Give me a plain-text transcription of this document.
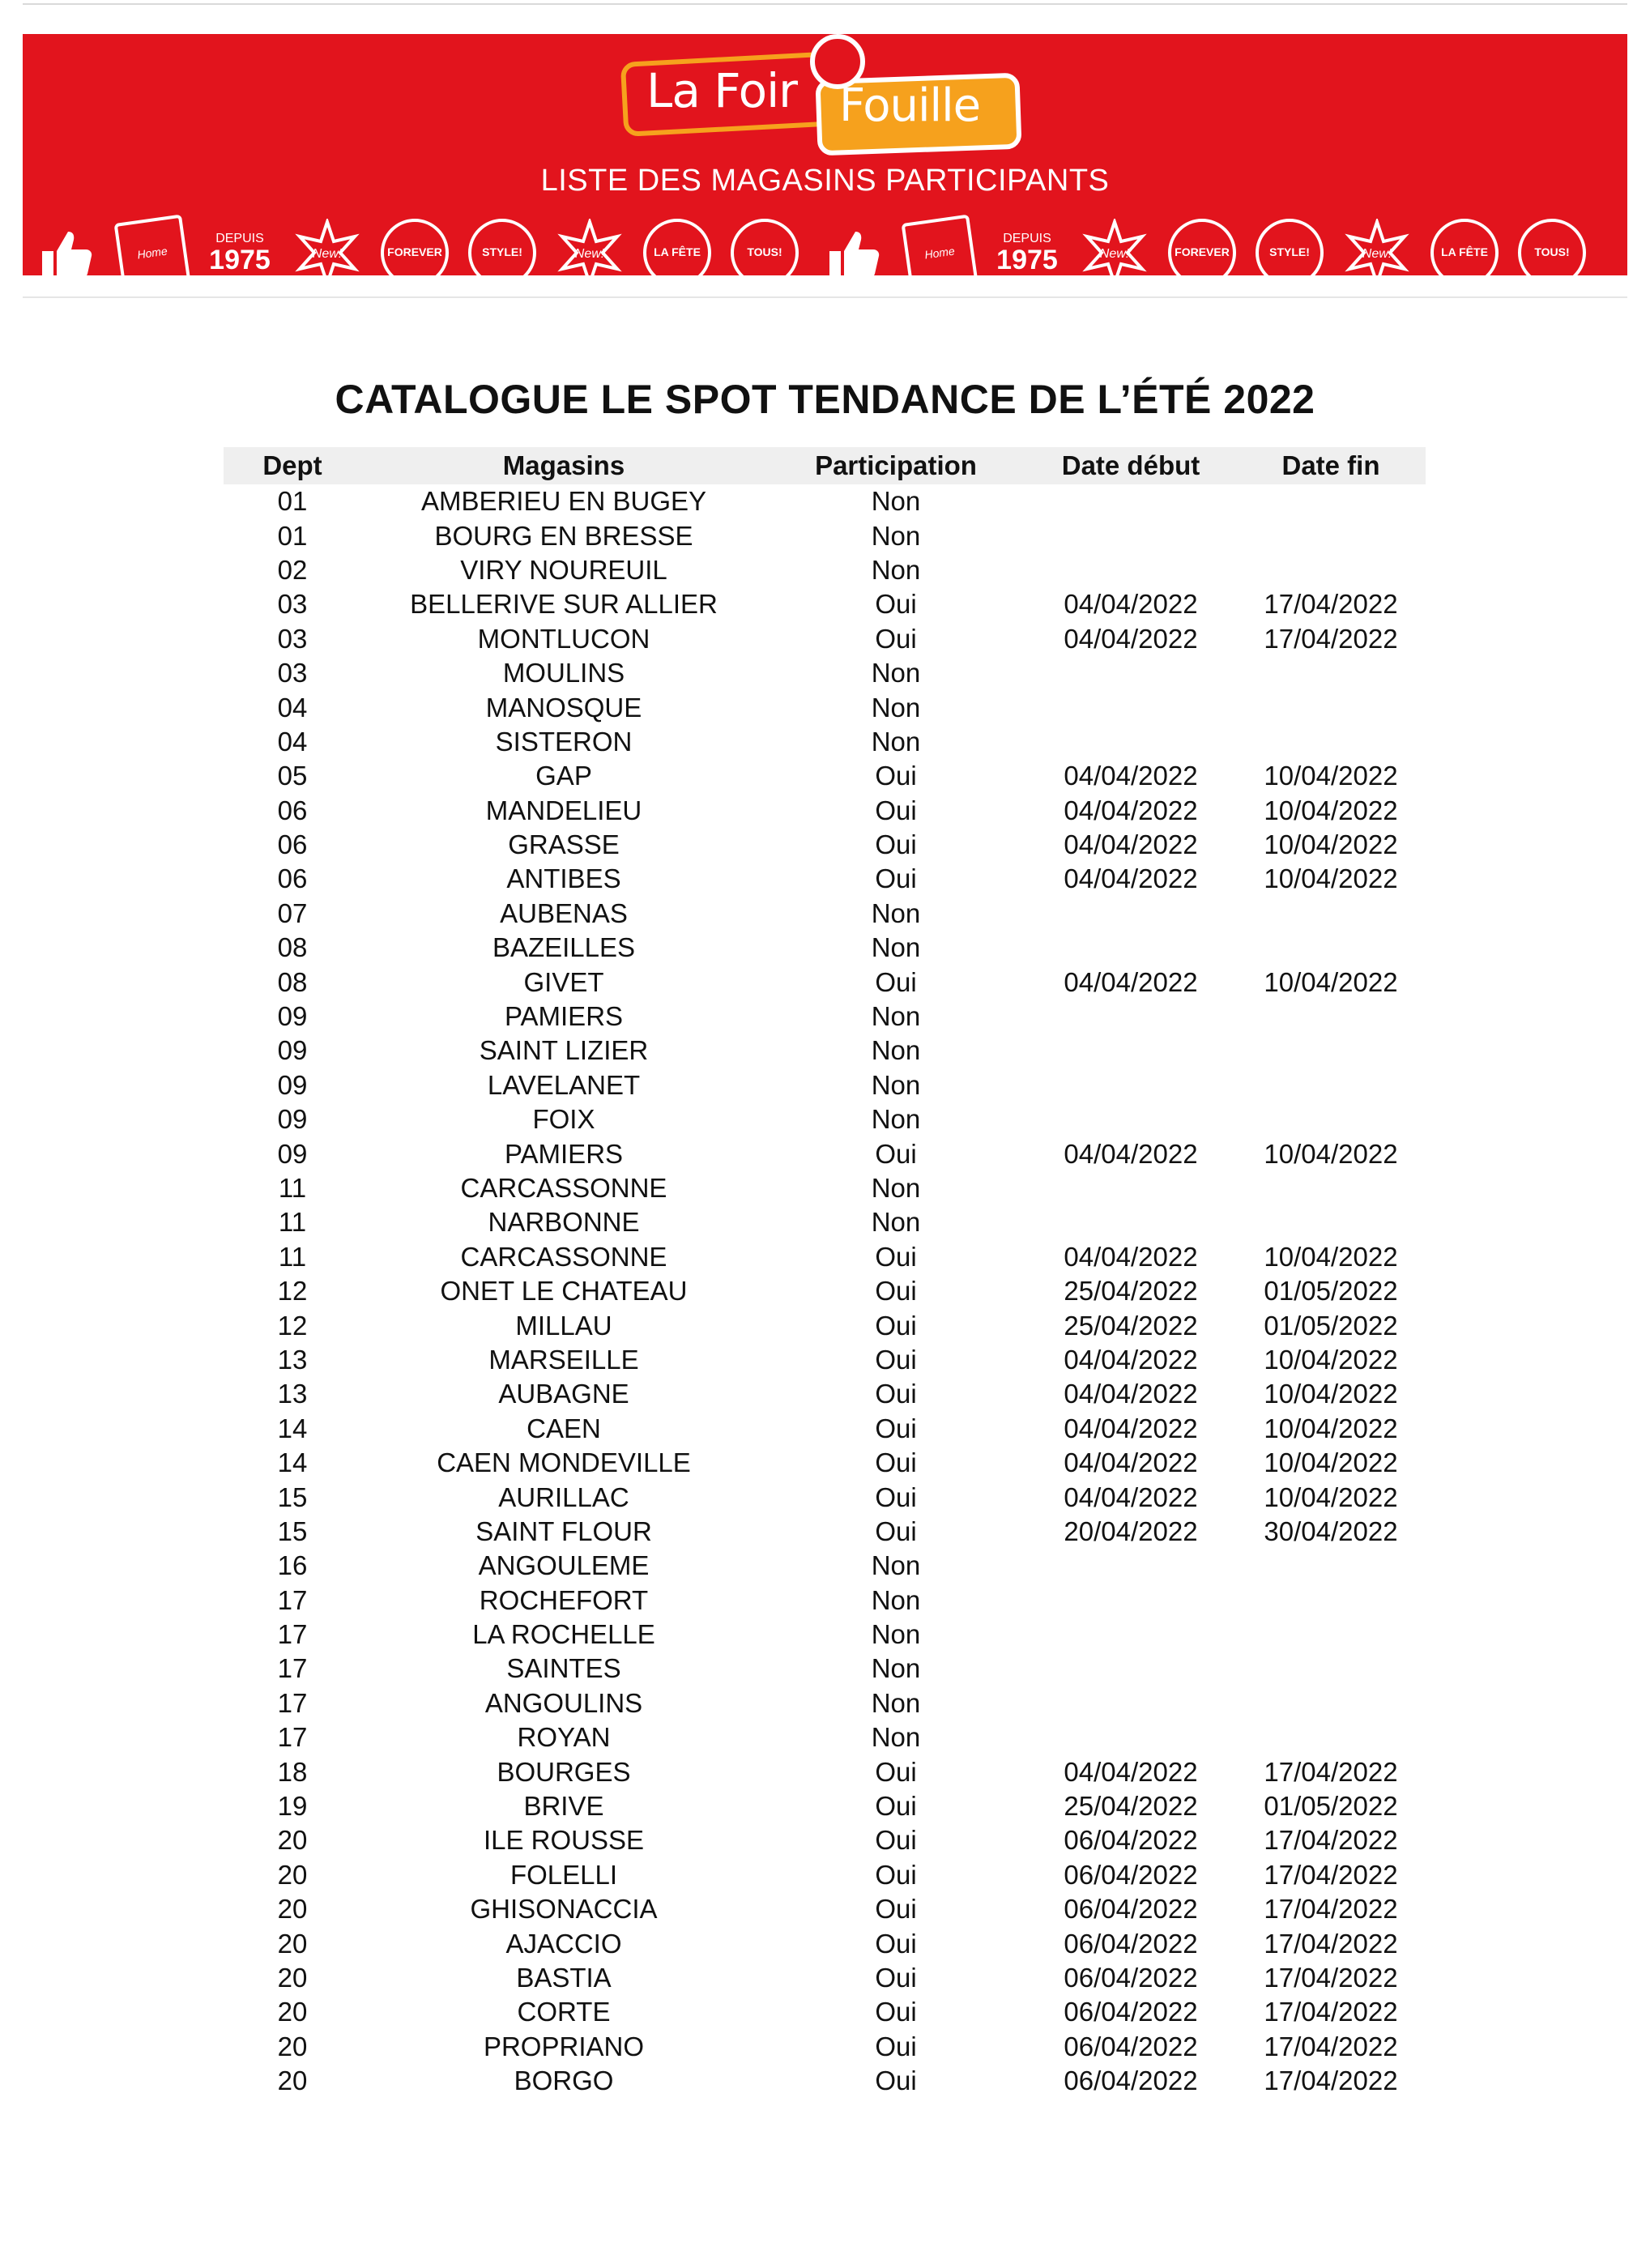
La Foir Fouille
LISTE DES MAGASINS PARTICIPANTS
Home
DEPUIS
1975	New!	FOREVER	STYLE!	New!	LA FÊTE	TOUS!	Home
DEPUIS
1975	New!	FOREVER	STYLE!	New!	LA FÊTE	TOUS!
CATALOGUE LE SPOT TENDANCE DE L’ÉTÉ 2022
Dept	Magasins	Participation	Date début	Date fin
01	AMBERIEU EN BUGEY	Non		
01	BOURG EN BRESSE	Non		
02	VIRY NOUREUIL	Non		
03	BELLERIVE SUR ALLIER	Oui	04/04/2022	17/04/2022
03	MONTLUCON	Oui	04/04/2022	17/04/2022
03	MOULINS	Non		
04	MANOSQUE	Non		
04	SISTERON	Non		
05	GAP	Oui	04/04/2022	10/04/2022
06	MANDELIEU	Oui	04/04/2022	10/04/2022
06	GRASSE	Oui	04/04/2022	10/04/2022
06	ANTIBES	Oui	04/04/2022	10/04/2022
07	AUBENAS	Non		
08	BAZEILLES	Non		
08	GIVET	Oui	04/04/2022	10/04/2022
09	PAMIERS	Non		
09	SAINT LIZIER	Non		
09	LAVELANET	Non		
09	FOIX	Non		
09	PAMIERS	Oui	04/04/2022	10/04/2022
11	CARCASSONNE	Non		
11	NARBONNE	Non		
11	CARCASSONNE	Oui	04/04/2022	10/04/2022
12	ONET LE CHATEAU	Oui	25/04/2022	01/05/2022
12	MILLAU	Oui	25/04/2022	01/05/2022
13	MARSEILLE	Oui	04/04/2022	10/04/2022
13	AUBAGNE	Oui	04/04/2022	10/04/2022
14	CAEN	Oui	04/04/2022	10/04/2022
14	CAEN MONDEVILLE	Oui	04/04/2022	10/04/2022
15	AURILLAC	Oui	04/04/2022	10/04/2022
15	SAINT FLOUR	Oui	20/04/2022	30/04/2022
16	ANGOULEME	Non		
17	ROCHEFORT	Non		
17	LA ROCHELLE	Non		
17	SAINTES	Non		
17	ANGOULINS	Non		
17	ROYAN	Non		
18	BOURGES	Oui	04/04/2022	17/04/2022
19	BRIVE	Oui	25/04/2022	01/05/2022
20	ILE ROUSSE	Oui	06/04/2022	17/04/2022
20	FOLELLI	Oui	06/04/2022	17/04/2022
20	GHISONACCIA	Oui	06/04/2022	17/04/2022
20	AJACCIO	Oui	06/04/2022	17/04/2022
20	BASTIA	Oui	06/04/2022	17/04/2022
20	CORTE	Oui	06/04/2022	17/04/2022
20	PROPRIANO	Oui	06/04/2022	17/04/2022
20	BORGO	Oui	06/04/2022	17/04/2022
